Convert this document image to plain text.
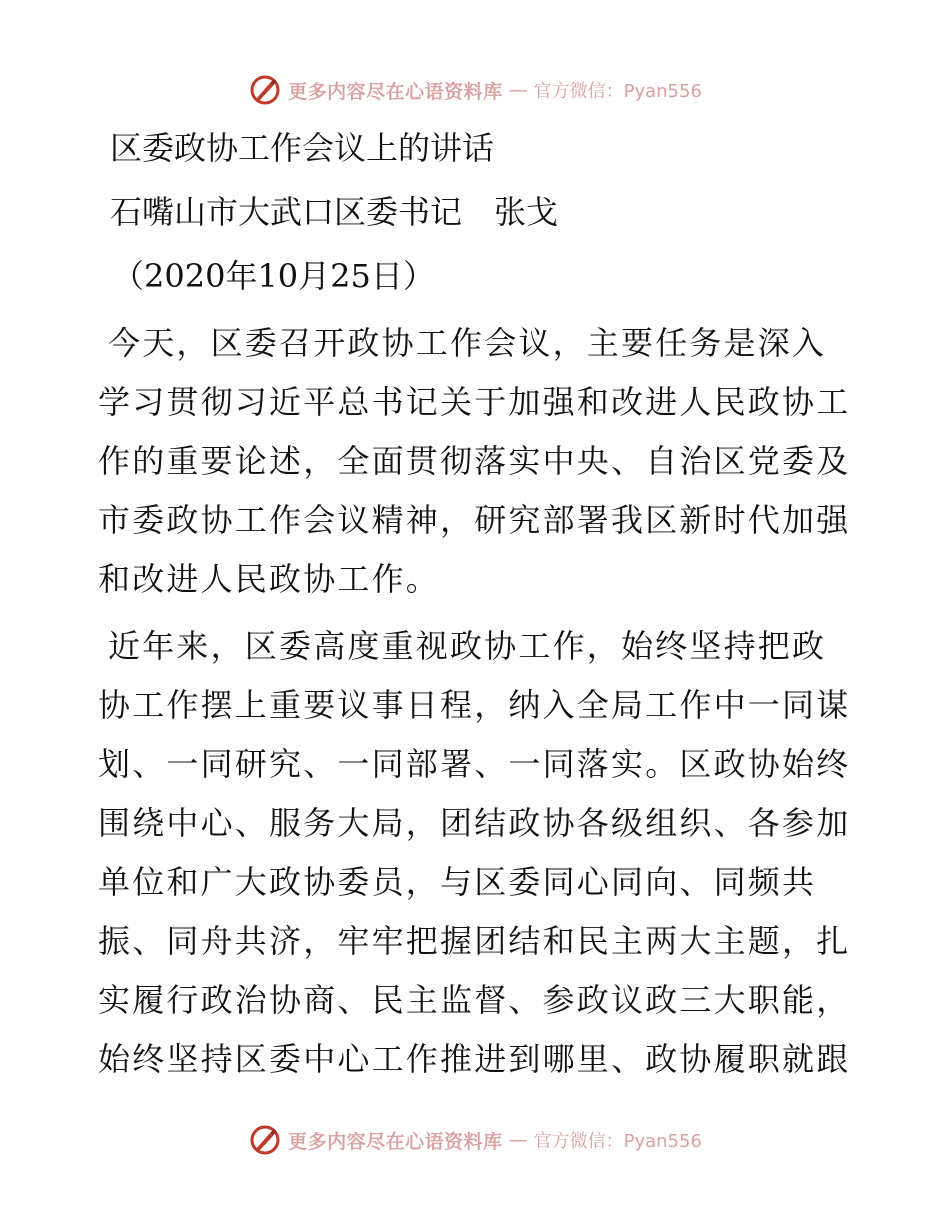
更多内容尽在心语资料库 — 官方微信：Pyan556
区委政协工作会议上的讲话
石嘴山市大武口区委书记　张戈
（2020年10月25日）

今天，区委召开政协工作会议，主要任务是深入学习贯彻习近平总书记关于加强和改进人民政协工作的重要论述，全面贯彻落实中央、自治区党委及市委政协工作会议精神，研究部署我区新时代加强和改进人民政协工作。

近年来，区委高度重视政协工作，始终坚持把政协工作摆上重要议事日程，纳入全局工作中一同谋划、一同研究、一同部署、一同落实。区政协始终围绕中心、服务大局，团结政协各级组织、各参加单位和广大政协委员，与区委同心同向、同频共振、同舟共济，牢牢把握团结和民主两大主题，扎实履行政治协商、民主监督、参政议政三大职能，始终坚持区委中心工作推进到哪里、政协履职就跟

更多内容尽在心语资料库 — 官方微信：Pyan556
